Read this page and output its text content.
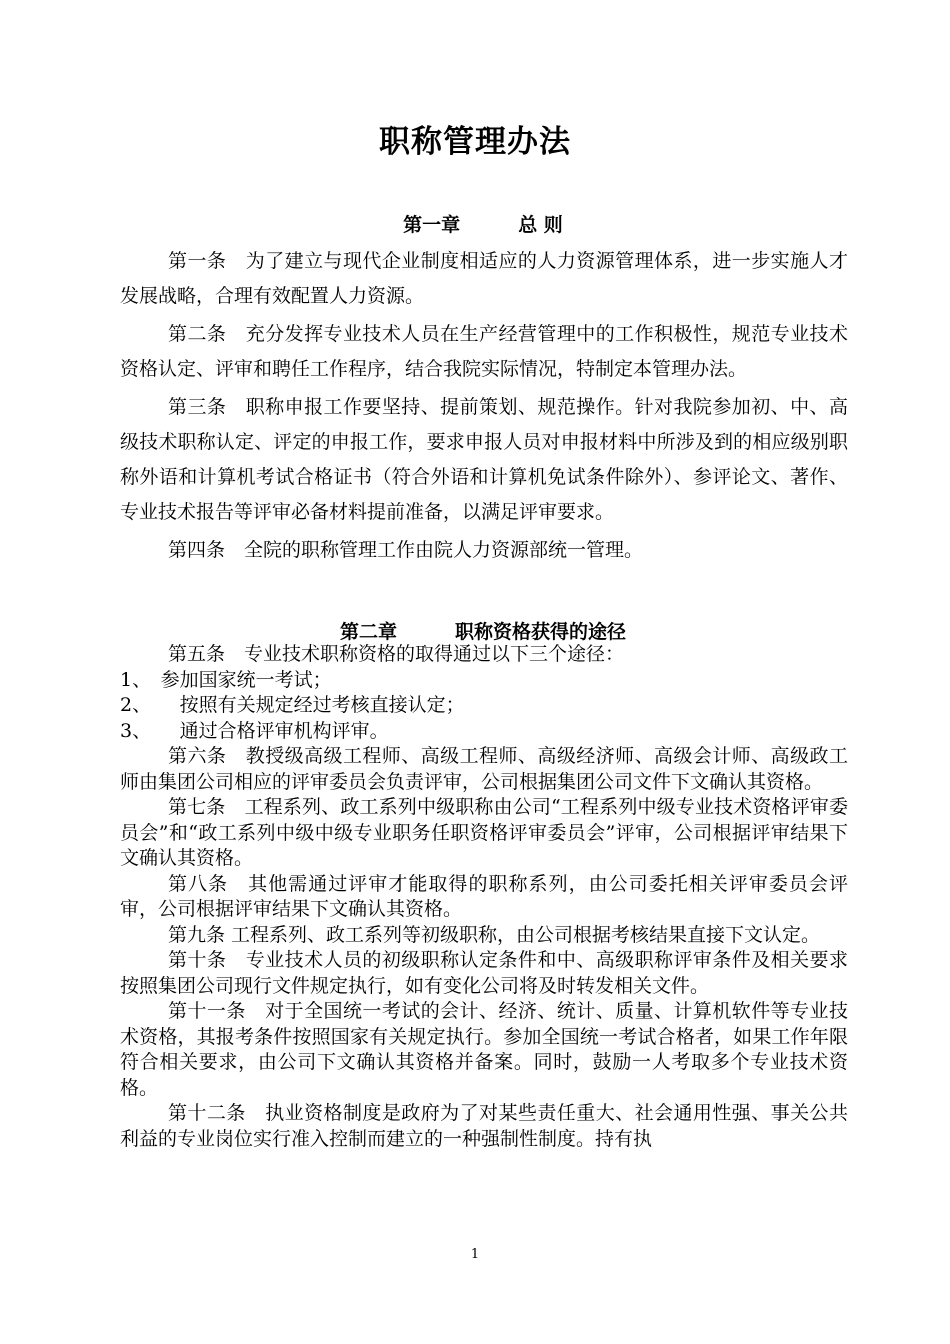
职称管理办法
第一章	总 则

第一条　为了建立与现代企业制度相适应的人力资源管理体系，进一步实施人才发展战略，合理有效配置人力资源。

第二条　充分发挥专业技术人员在生产经营管理中的工作积极性，规范专业技术资格认定、评审和聘任工作程序，结合我院实际情况，特制定本管理办法。

第三条　职称申报工作要坚持、提前策划、规范操作。针对我院参加初、中、高级技术职称认定、评定的申报工作，要求申报人员对申报材料中所涉及到的相应级别职称外语和计算机考试合格证书（符合外语和计算机免试条件除外）、参评论文、著作、专业技术报告等评审必备材料提前准备，以满足评审要求。

第四条　全院的职称管理工作由院人力资源部统一管理。

第二章	职称资格获得的途径

第五条　专业技术职称资格的取得通过以下三个途径：

1、　参加国家统一考试；

2、　　按照有关规定经过考核直接认定；

3、　　通过合格评审机构评审。

第六条　教授级高级工程师、高级工程师、高级经济师、高级会计师、高级政工师由集团公司相应的评审委员会负责评审，公司根据集团公司文件下文确认其资格。

第七条　工程系列、政工系列中级职称由公司“工程系列中级专业技术资格评审委员会”和“政工系列中级中级专业职务任职资格评审委员会”评审，公司根据评审结果下文确认其资格。

第八条　其他需通过评审才能取得的职称系列，由公司委托相关评审委员会评审，公司根据评审结果下文确认其资格。

第九条 工程系列、政工系列等初级职称，由公司根据考核结果直接下文认定。

第十条　专业技术人员的初级职称认定条件和中、高级职称评审条件及相关要求按照集团公司现行文件规定执行，如有变化公司将及时转发相关文件。

第十一条　对于全国统一考试的会计、经济、统计、质量、计算机软件等专业技术资格，其报考条件按照国家有关规定执行。参加全国统一考试合格者，如果工作年限符合相关要求，由公司下文确认其资格并备案。同时，鼓励一人考取多个专业技术资格。

第十二条　执业资格制度是政府为了对某些责任重大、社会通用性强、事关公共利益的专业岗位实行准入控制而建立的一种强制性制度。持有执

1
